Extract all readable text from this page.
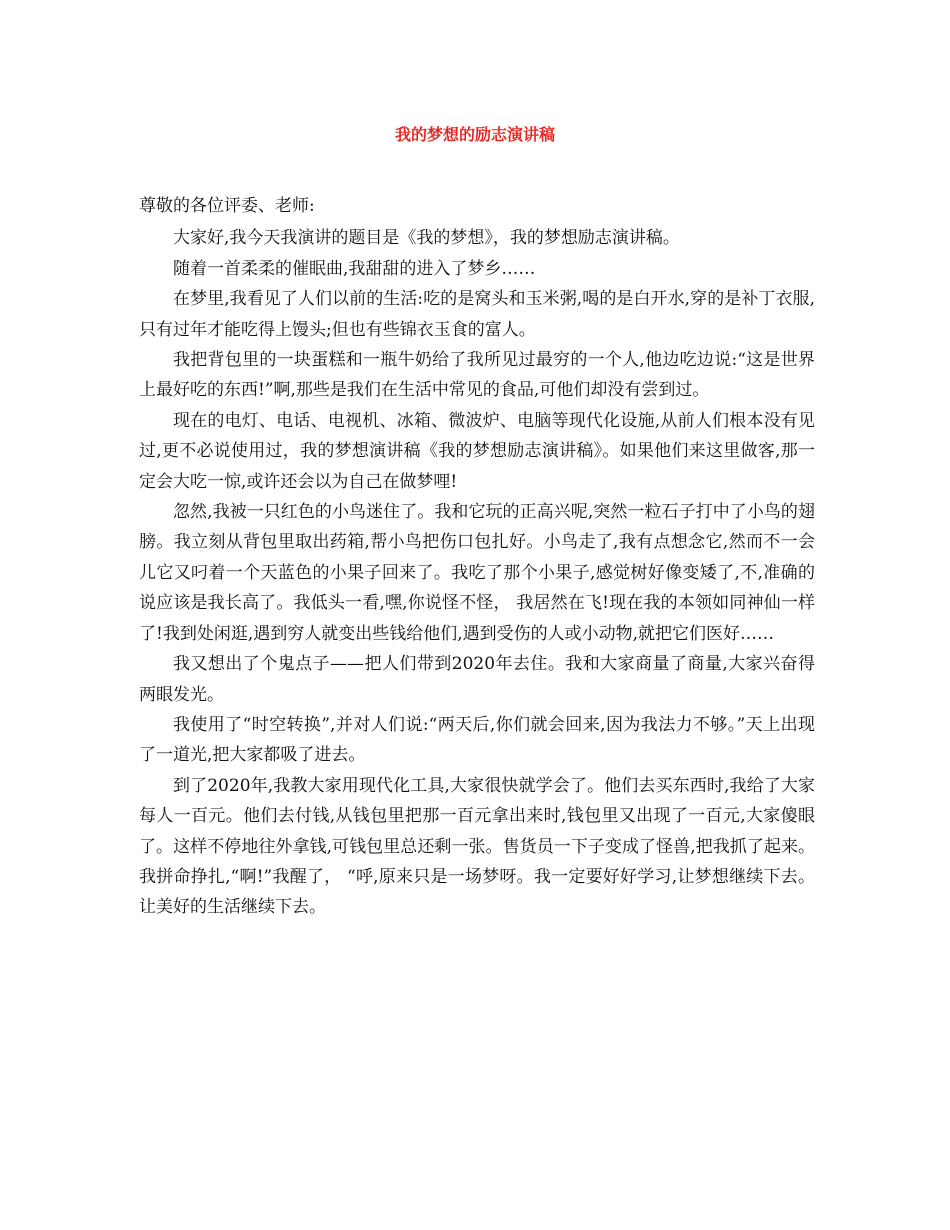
我的梦想的励志演讲稿

尊敬的各位评委、老师:

大家好,我今天我演讲的题目是《我的梦想》，我的梦想励志演讲稿。

随着一首柔柔的催眠曲,我甜甜的进入了梦乡……

在梦里,我看见了人们以前的生活:吃的是窝头和玉米粥,喝的是白开水,穿的是补丁衣服,只有过年才能吃得上馒头;但也有些锦衣玉食的富人。

我把背包里的一块蛋糕和一瓶牛奶给了我所见过最穷的一个人,他边吃边说:“这是世界上最好吃的东西!”啊,那些是我们在生活中常见的食品,可他们却没有尝到过。

现在的电灯、电话、电视机、冰箱、微波炉、电脑等现代化设施,从前人们根本没有见过,更不必说使用过，我的梦想演讲稿《我的梦想励志演讲稿》。如果他们来这里做客,那一定会大吃一惊,或许还会以为自己在做梦哩!

忽然,我被一只红色的小鸟迷住了。我和它玩的正高兴呢,突然一粒石子打中了小鸟的翅膀。我立刻从背包里取出药箱,帮小鸟把伤口包扎好。小鸟走了,我有点想念它,然而不一会儿它又叼着一个天蓝色的小果子回来了。我吃了那个小果子,感觉树好像变矮了,不,准确的说应该是我长高了。我低头一看,嘿,你说怪不怪， 我居然在飞!现在我的本领如同神仙一样了!我到处闲逛,遇到穷人就变出些钱给他们,遇到受伤的人或小动物,就把它们医好……

我又想出了个鬼点子——把人们带到2020年去住。我和大家商量了商量,大家兴奋得两眼发光。

我使用了“时空转换”,并对人们说:“两天后,你们就会回来,因为我法力不够。”天上出现了一道光,把大家都吸了进去。

到了2020年,我教大家用现代化工具,大家很快就学会了。他们去买东西时,我给了大家每人一百元。他们去付钱,从钱包里把那一百元拿出来时,钱包里又出现了一百元,大家傻眼了。这样不停地往外拿钱,可钱包里总还剩一张。售货员一下子变成了怪兽,把我抓了起来。我拼命挣扎,“啊!”我醒了， “呼,原来只是一场梦呀。我一定要好好学习,让梦想继续下去。让美好的生活继续下去。
